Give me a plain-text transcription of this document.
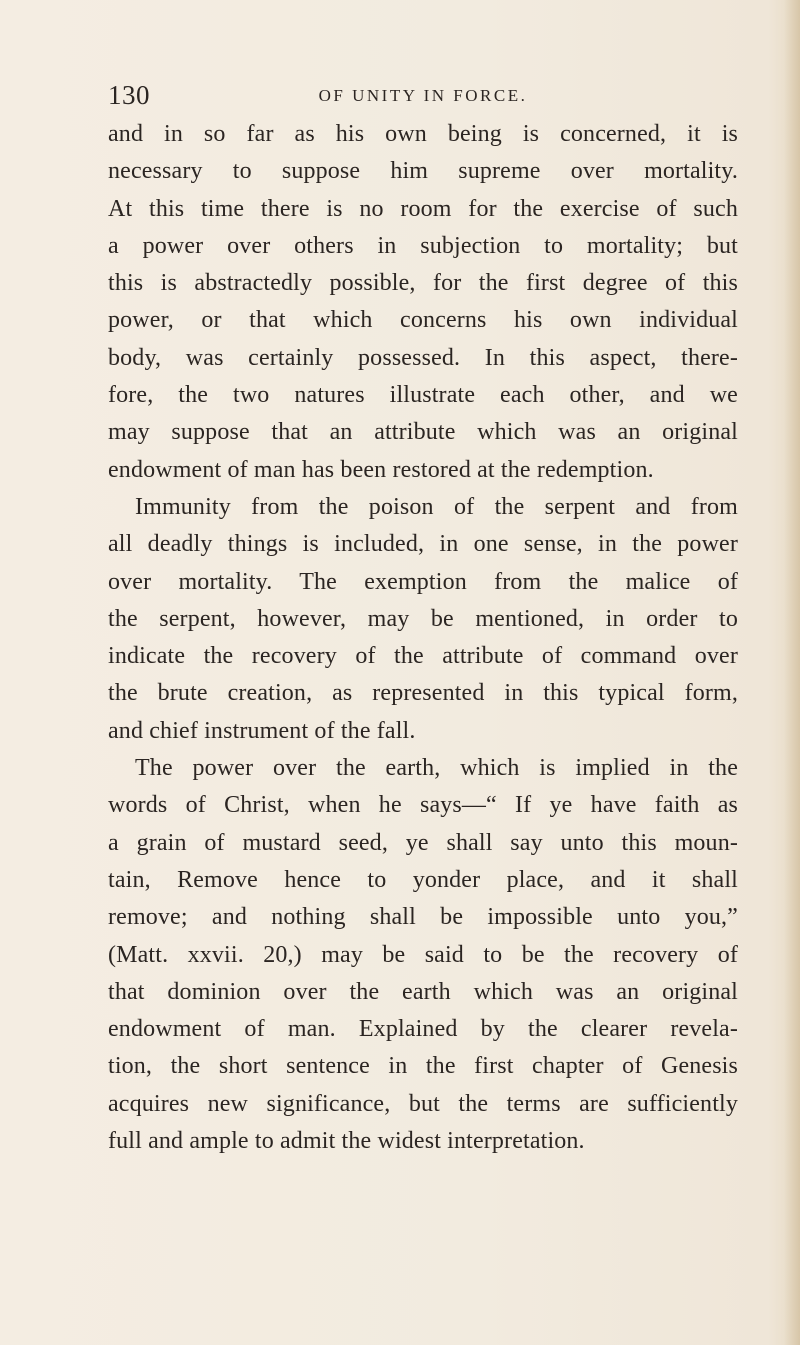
130	OF UNITY IN FORCE.
and in so far as his own being is concerned, it is
necessary to suppose him supreme over mortality.
At this time there is no room for the exercise of such
a power over others in subjection to mortality; but
this is abstractedly possible, for the first degree of this
power, or that which concerns his own individual
body, was certainly possessed. In this aspect, there-
fore, the two natures illustrate each other, and we
may suppose that an attribute which was an original
endowment of man has been restored at the redemption.
Immunity from the poison of the serpent and from
all deadly things is included, in one sense, in the power
over mortality. The exemption from the malice of
the serpent, however, may be mentioned, in order to
indicate the recovery of the attribute of command over
the brute creation, as represented in this typical form,
and chief instrument of the fall.
The power over the earth, which is implied in the
words of Christ, when he says—“ If ye have faith as
a grain of mustard seed, ye shall say unto this moun-
tain, Remove hence to yonder place, and it shall
remove; and nothing shall be impossible unto you,”
(Matt. xxvii. 20,) may be said to be the recovery of
that dominion over the earth which was an original
endowment of man. Explained by the clearer revela-
tion, the short sentence in the first chapter of Genesis
acquires new significance, but the terms are sufficiently
full and ample to admit the widest interpretation.
